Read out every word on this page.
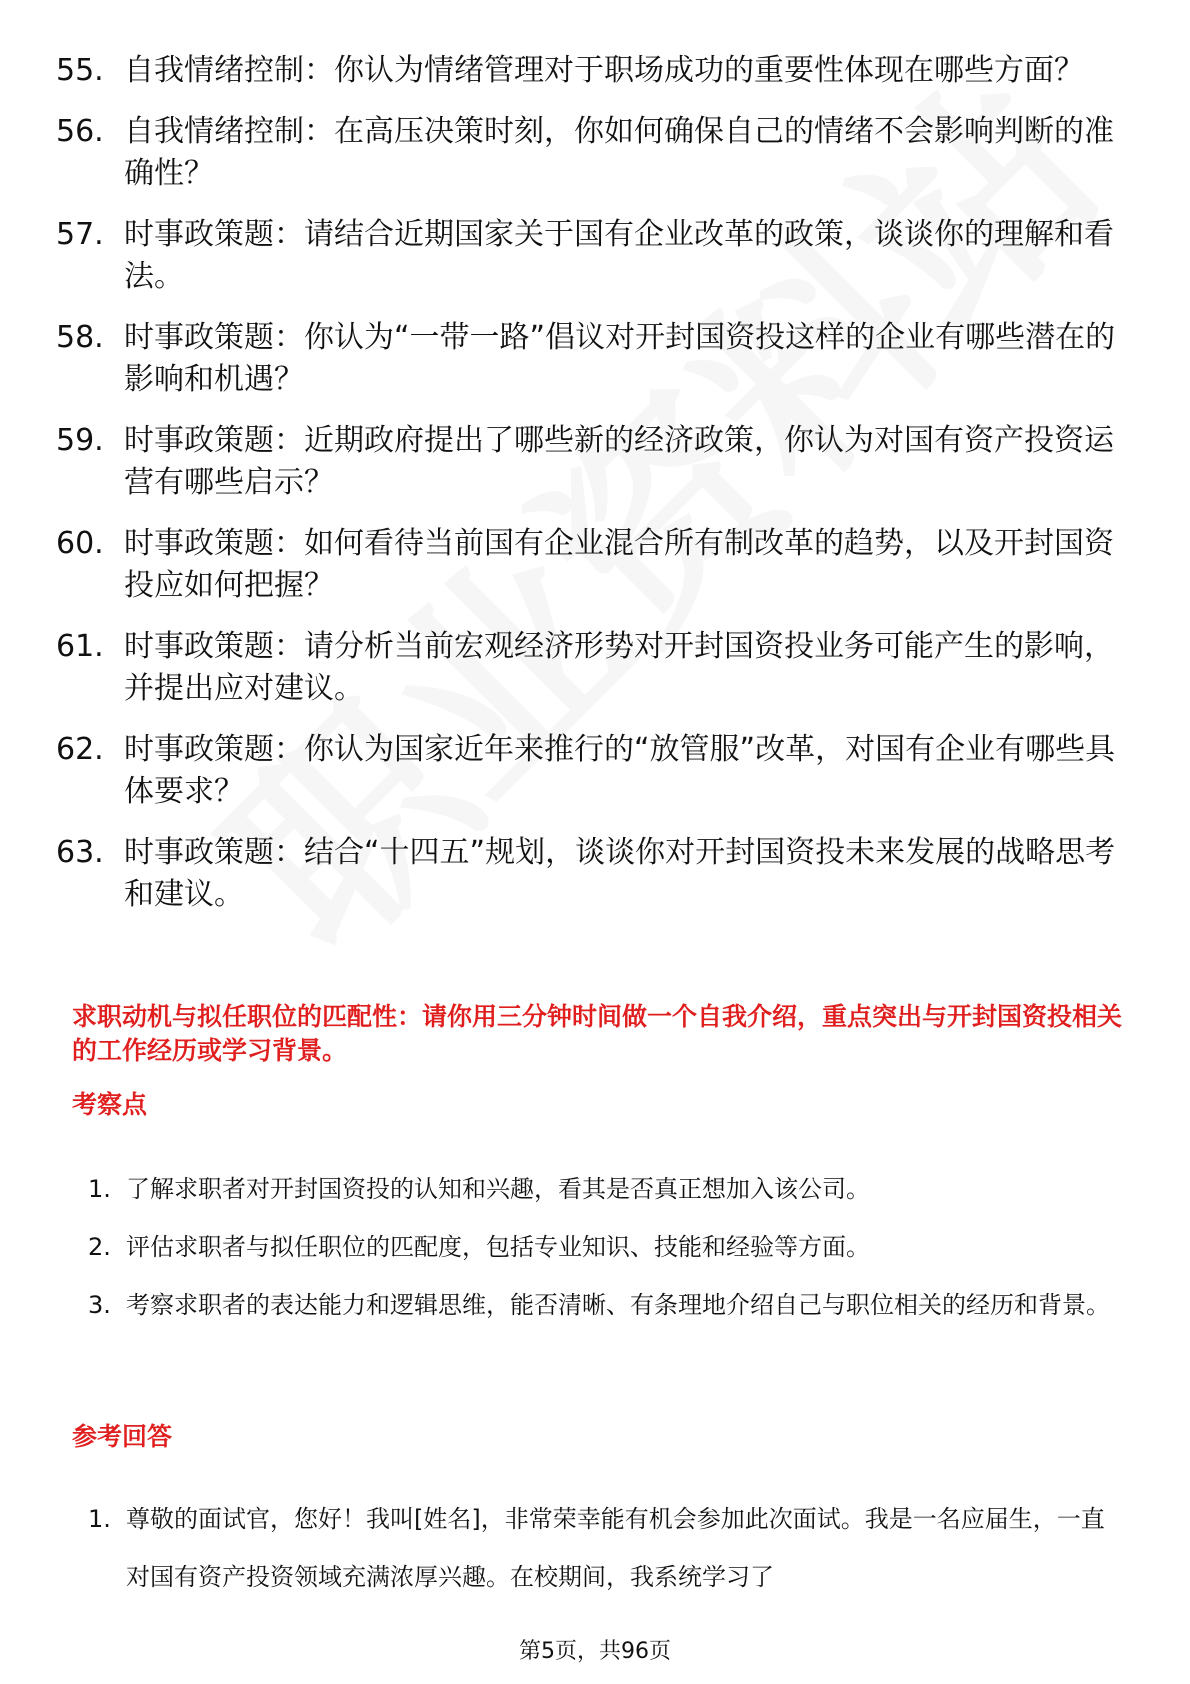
55. 自我情绪控制：你认为情绪管理对于职场成功的重要性体现在哪些方面？
56. 自我情绪控制：在高压决策时刻，你如何确保自己的情绪不会影响判断的准确性？
57. 时事政策题：请结合近期国家关于国有企业改革的政策，谈谈你的理解和看法。
58. 时事政策题：你认为“一带一路”倡议对开封国资投这样的企业有哪些潜在的影响和机遇？
59. 时事政策题：近期政府提出了哪些新的经济政策，你认为对国有资产投资运营有哪些启示？
60. 时事政策题：如何看待当前国有企业混合所有制改革的趋势，以及开封国资投应如何把握？
61. 时事政策题：请分析当前宏观经济形势对开封国资投业务可能产生的影响，并提出应对建议。
62. 时事政策题：你认为国家近年来推行的“放管服”改革，对国有企业有哪些具体要求？
63. 时事政策题：结合“十四五”规划，谈谈你对开封国资投未来发展的战略思考和建议。
求职动机与拟任职位的匹配性：请你用三分钟时间做一个自我介绍，重点突出与开封国资投相关的工作经历或学习背景。
考察点
1. 了解求职者对开封国资投的认知和兴趣，看其是否真正想加入该公司。
2. 评估求职者与拟任职位的匹配度，包括专业知识、技能和经验等方面。
3. 考察求职者的表达能力和逻辑思维，能否清晰、有条理地介绍自己与职位相关的经历和背景。
参考回答
1. 尊敬的面试官，您好！我叫[姓名]，非常荣幸能有机会参加此次面试。我是一名应届生，一直对国有资产投资领域充满浓厚兴趣。在校期间，我系统学习了
第5页，共96页
